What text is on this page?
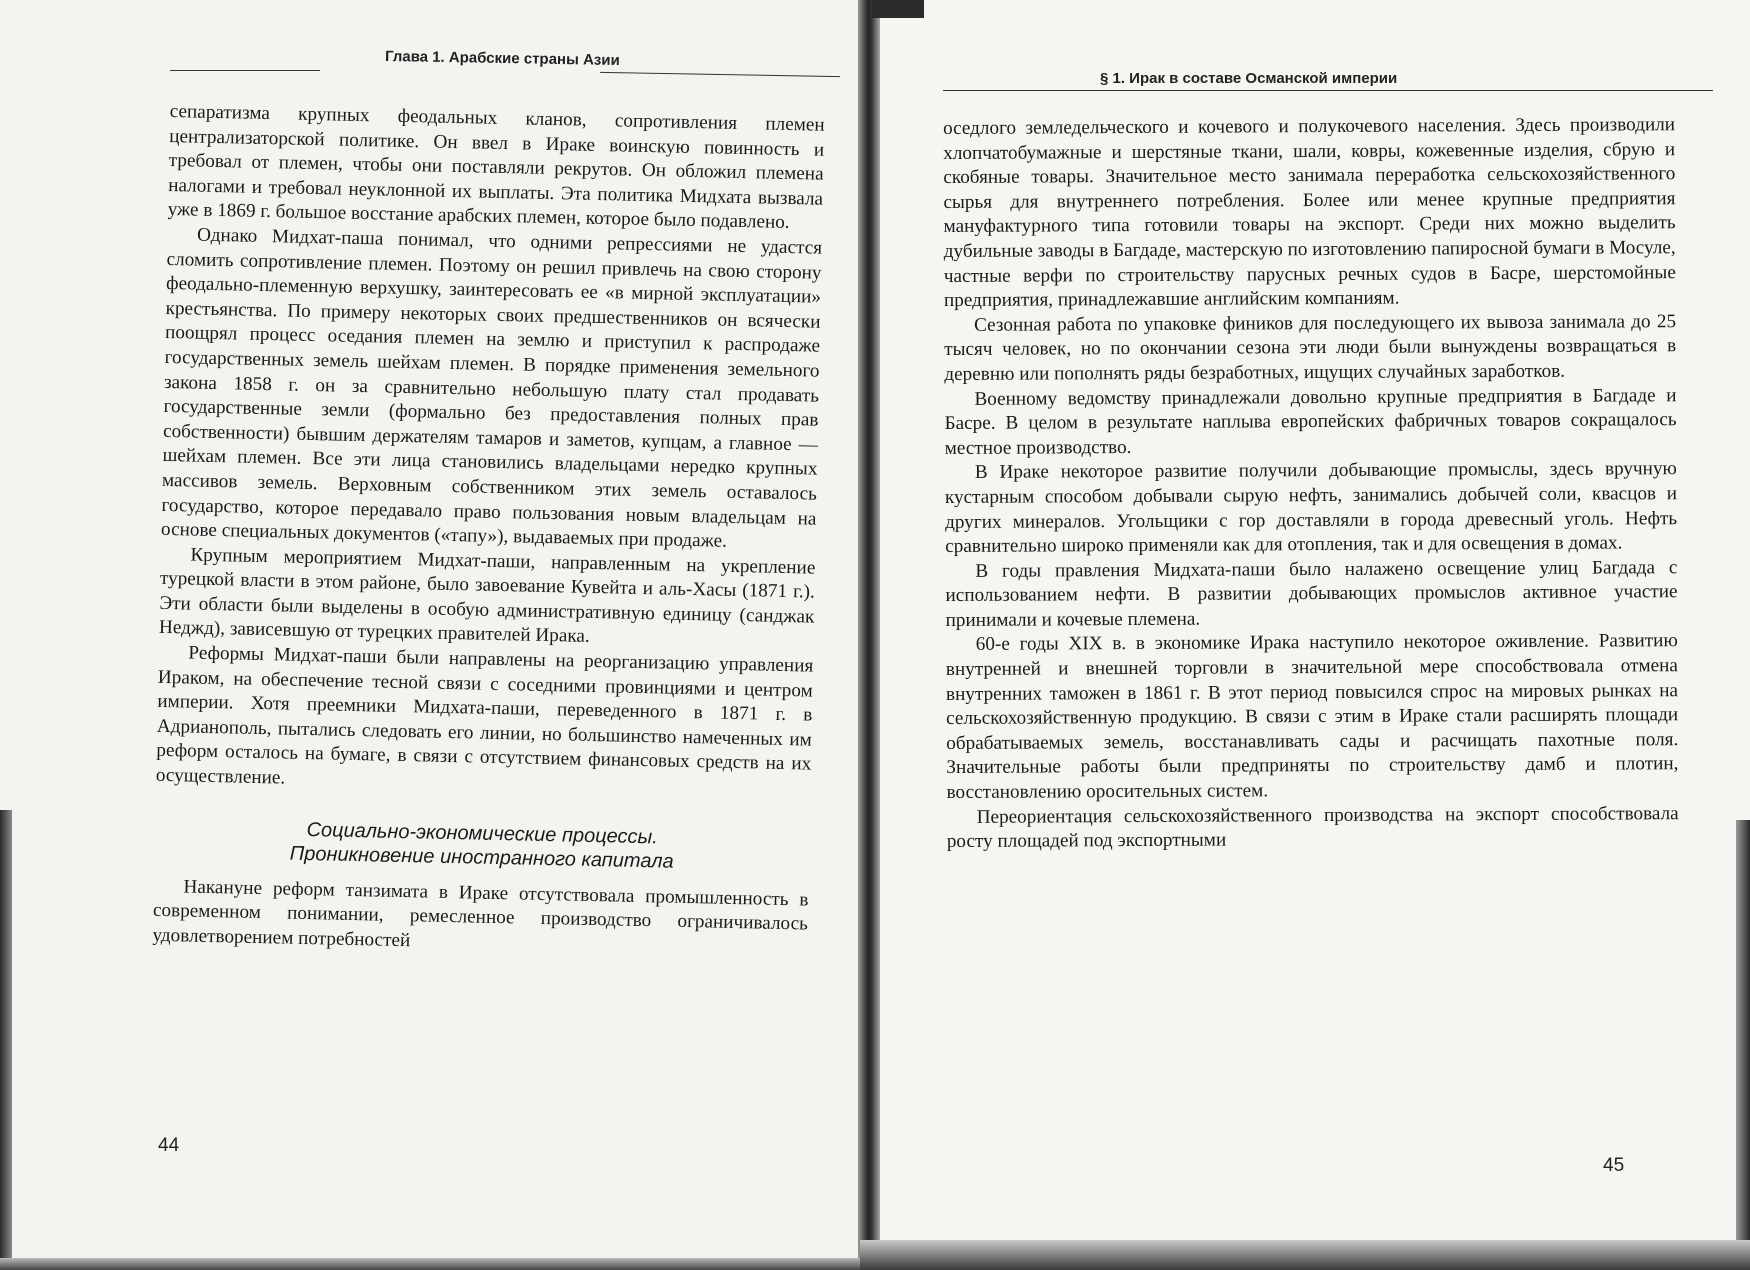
Глава 1. Арабские страны Азии

сепаратизма крупных феодальных кланов, сопротивления племен централизаторской политике. Он ввел в Ираке воинскую повинность и требовал от племен, чтобы они поставляли рекрутов. Он обложил племена налогами и требовал неуклонной их выплаты. Эта политика Мидхата вызвала уже в 1869 г. большое восстание арабских племен, которое было подавлено.

Однако Мидхат-паша понимал, что одними репрессиями не удастся сломить сопротивление племен. Поэтому он решил привлечь на свою сторону феодально-племенную верхушку, заинтересовать ее «в мирной эксплуатации» крестьянства. По примеру некоторых своих предшественников он всячески поощрял процесс оседания племен на землю и приступил к распродаже государственных земель шейхам племен. В порядке применения земельного закона 1858 г. он за сравнительно небольшую плату стал продавать государственные земли (формально без предоставления полных прав собственности) бывшим держателям тамаров и заметов, купцам, а главное — шейхам племен. Все эти лица становились владельцами нередко крупных массивов земель. Верховным собственником этих земель оставалось государство, которое передавало право пользования новым владельцам на основе специальных документов («тапу»), выдаваемых при продаже.

Крупным мероприятием Мидхат-паши, направленным на укрепление турецкой власти в этом районе, было завоевание Кувейта и аль-Хасы (1871 г.). Эти области были выделены в особую административную единицу (санджак Неджд), зависевшую от турецких правителей Ирака.

Реформы Мидхат-паши были направлены на реорганизацию управления Ираком, на обеспечение тесной связи с соседними провинциями и центром империи. Хотя преемники Мидхата-паши, переведенного в 1871 г. в Адрианополь, пытались следовать его линии, но большинство намеченных им реформ осталось на бумаге, в связи с отсутствием финансовых средств на их осуществление.

Социально-экономические процессы.
Проникновение иностранного капитала

Накануне реформ танзимата в Ираке отсутствовала промышленность в современном понимании, ремесленное производство ограничивалось удовлетворением потребностей

44
§ 1. Ирак в составе Османской империи

оседлого земледельческого и кочевого и полукочевого населения. Здесь производили хлопчатобумажные и шерстяные ткани, шали, ковры, кожевенные изделия, сбрую и скобяные товары. Значительное место занимала переработка сельскохозяйственного сырья для внутреннего потребления. Более или менее крупные предприятия мануфактурного типа готовили товары на экспорт. Среди них можно выделить дубильные заводы в Багдаде, мастерскую по изготовлению папиросной бумаги в Мосуле, частные верфи по строительству парусных речных судов в Басре, шерстомойные предприятия, принадлежавшие английским компаниям.

Сезонная работа по упаковке фиников для последующего их вывоза занимала до 25 тысяч человек, но по окончании сезона эти люди были вынуждены возвращаться в деревню или пополнять ряды безработных, ищущих случайных заработков.

Военному ведомству принадлежали довольно крупные предприятия в Багдаде и Басре. В целом в результате наплыва европейских фабричных товаров сокращалось местное производство.

В Ираке некоторое развитие получили добывающие промыслы, здесь вручную кустарным способом добывали сырую нефть, занимались добычей соли, квасцов и других минералов. Угольщики с гор доставляли в города древесный уголь. Нефть сравнительно широко применяли как для отопления, так и для освещения в домах.

В годы правления Мидхата-паши было налажено освещение улиц Багдада с использованием нефти. В развитии добывающих промыслов активное участие принимали и кочевые племена.

60-е годы XIX в. в экономике Ирака наступило некоторое оживление. Развитию внутренней и внешней торговли в значительной мере способствовала отмена внутренних таможен в 1861 г. В этот период повысился спрос на мировых рынках на сельскохозяйственную продукцию. В связи с этим в Ираке стали расширять площади обрабатываемых земель, восстанавливать сады и расчищать пахотные поля. Значительные работы были предприняты по строительству дамб и плотин, восстановлению оросительных систем.

Переориентация сельскохозяйственного производства на экспорт способствовала росту площадей под экспортными

45
